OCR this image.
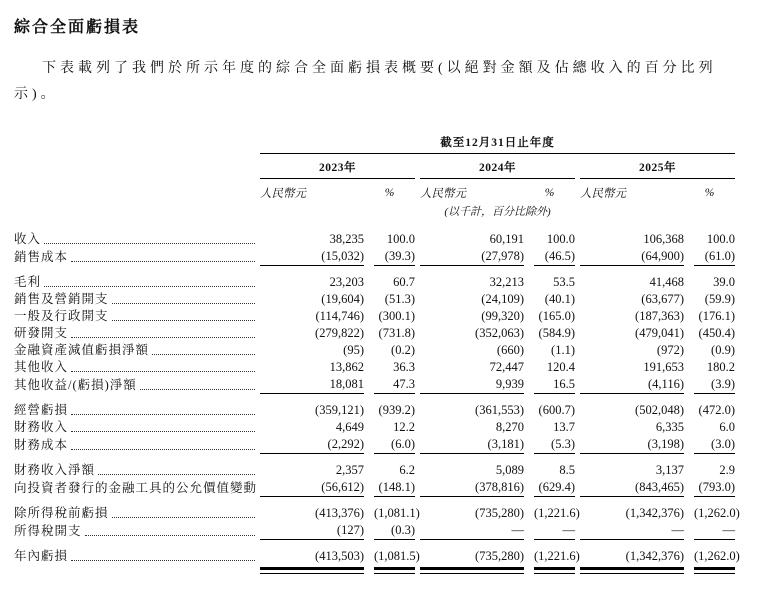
綜合全面虧損表

下表載列了我們於所示年度的綜合全面虧損表概要(以絕對金額及佔總收入的百分比列示)。

	截至12月31日止年度							
	2023年			2024年			2025年	
	人民幣元	%		人民幣元	%		人民幣元	%
				(以千計，百分比除外)				

收入	38,235	100.0		60,191	100.0		106,368	100.0

銷售成本	(15,032)	(39.3)		(27,978)	(46.5)		(64,900)	(61.0)

毛利	23,203	60.7		32,213	53.5		41,468	39.0

銷售及營銷開支	(19,604)	(51.3)		(24,109)	(40.1)		(63,677)	(59.9)

一般及行政開支	(114,746)	(300.1)		(99,320)	(165.0)		(187,363)	(176.1)

研發開支	(279,822)	(731.8)		(352,063)	(584.9)		(479,041)	(450.4)

金融資產減值虧損淨額	(95)	(0.2)		(660)	(1.1)		(972)	(0.9)

其他收入	13,862	36.3		72,447	120.4		191,653	180.2

其他收益/(虧損)淨額	18,081	47.3		9,939	16.5		(4,116)	(3.9)

經營虧損	(359,121)	(939.2)		(361,553)	(600.7)		(502,048)	(472.0)

財務收入	4,649	12.2		8,270	13.7		6,335	6.0

財務成本	(2,292)	(6.0)		(3,181)	(5.3)		(3,198)	(3.0)

財務收入淨額	2,357	6.2		5,089	8.5		3,137	2.9

向投資者發行的金融工具的公允價值變動	(56,612)	(148.1)		(378,816)	(629.4)		(843,465)	(793.0)

除所得稅前虧損	(413,376)	(1,081.1)		(735,280)	(1,221.6)		(1,342,376)	(1,262.0)

所得稅開支	(127)	(0.3)		—	—		—	—

年內虧損	(413,503)	(1,081.5)		(735,280)	(1,221.6)		(1,342,376)	(1,262.0)
